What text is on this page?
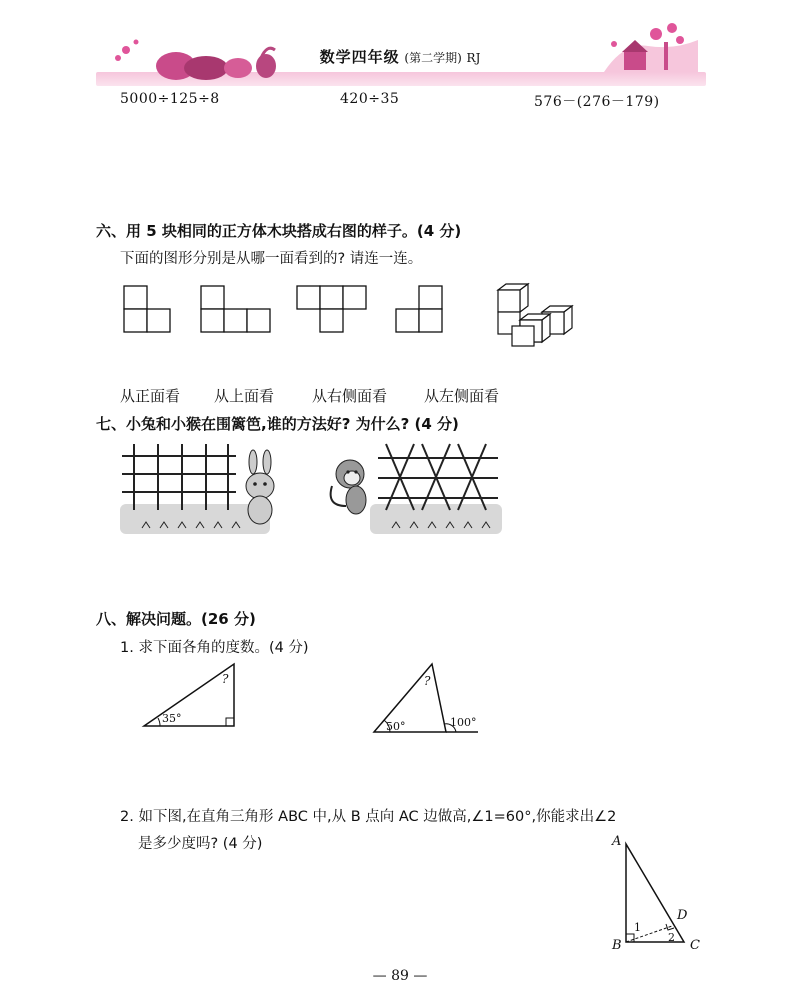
数学四年级 (第二学期) RJ
5000÷125÷8	420÷35	576－(276－179)
六、用 5 块相同的正方体木块搭成右图的样子。(4 分)
下面的图形分别是从哪一面看到的? 请连一连。
从正面看 从上面看	从右侧面看 从左侧面看
七、小兔和小猴在围篱笆,谁的方法好? 为什么? (4 分)
八、解决问题。(26 分)
1. 求下面各角的度数。(4 分)
35°
?
50°	100°
?
2. 如下图,在直角三角形 ABC 中,从 B 点向 AC 边做高,∠1=60°,你能求出∠2
是多少度吗? (4 分)	A
B	C
D
1
2
— 89 —
